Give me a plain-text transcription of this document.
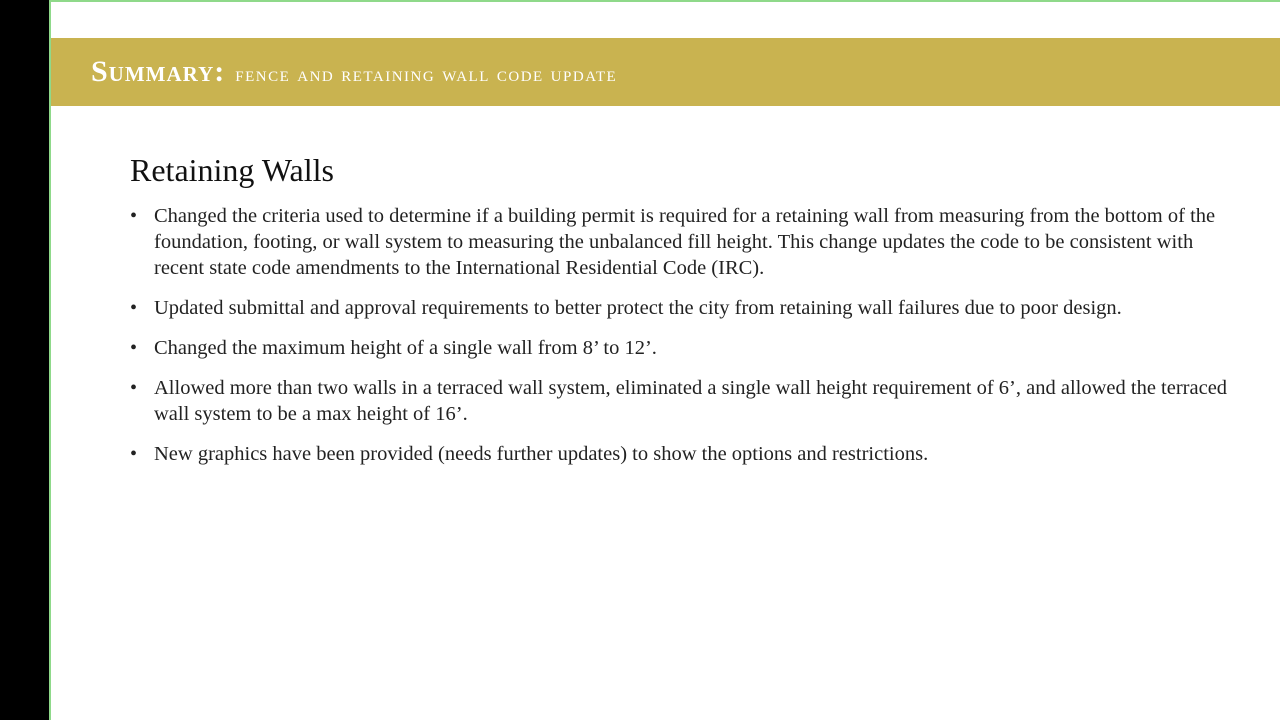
Summary: fence and retaining wall code update
Retaining Walls
• Changed the criteria used to determine if a building permit is required for a retaining wall from measuring from the bottom of the foundation, footing, or wall system to measuring the unbalanced fill height. This change updates the code to be consistent with recent state code amendments to the International Residential Code (IRC).
• Updated submittal and approval requirements to better protect the city from retaining wall failures due to poor design.
• Changed the maximum height of a single wall from 8’ to 12’.
• Allowed more than two walls in a terraced wall system, eliminated a single wall height requirement of 6’, and allowed the terraced wall system to be a max height of 16’.
• New graphics have been provided (needs further updates) to show the options and restrictions.
